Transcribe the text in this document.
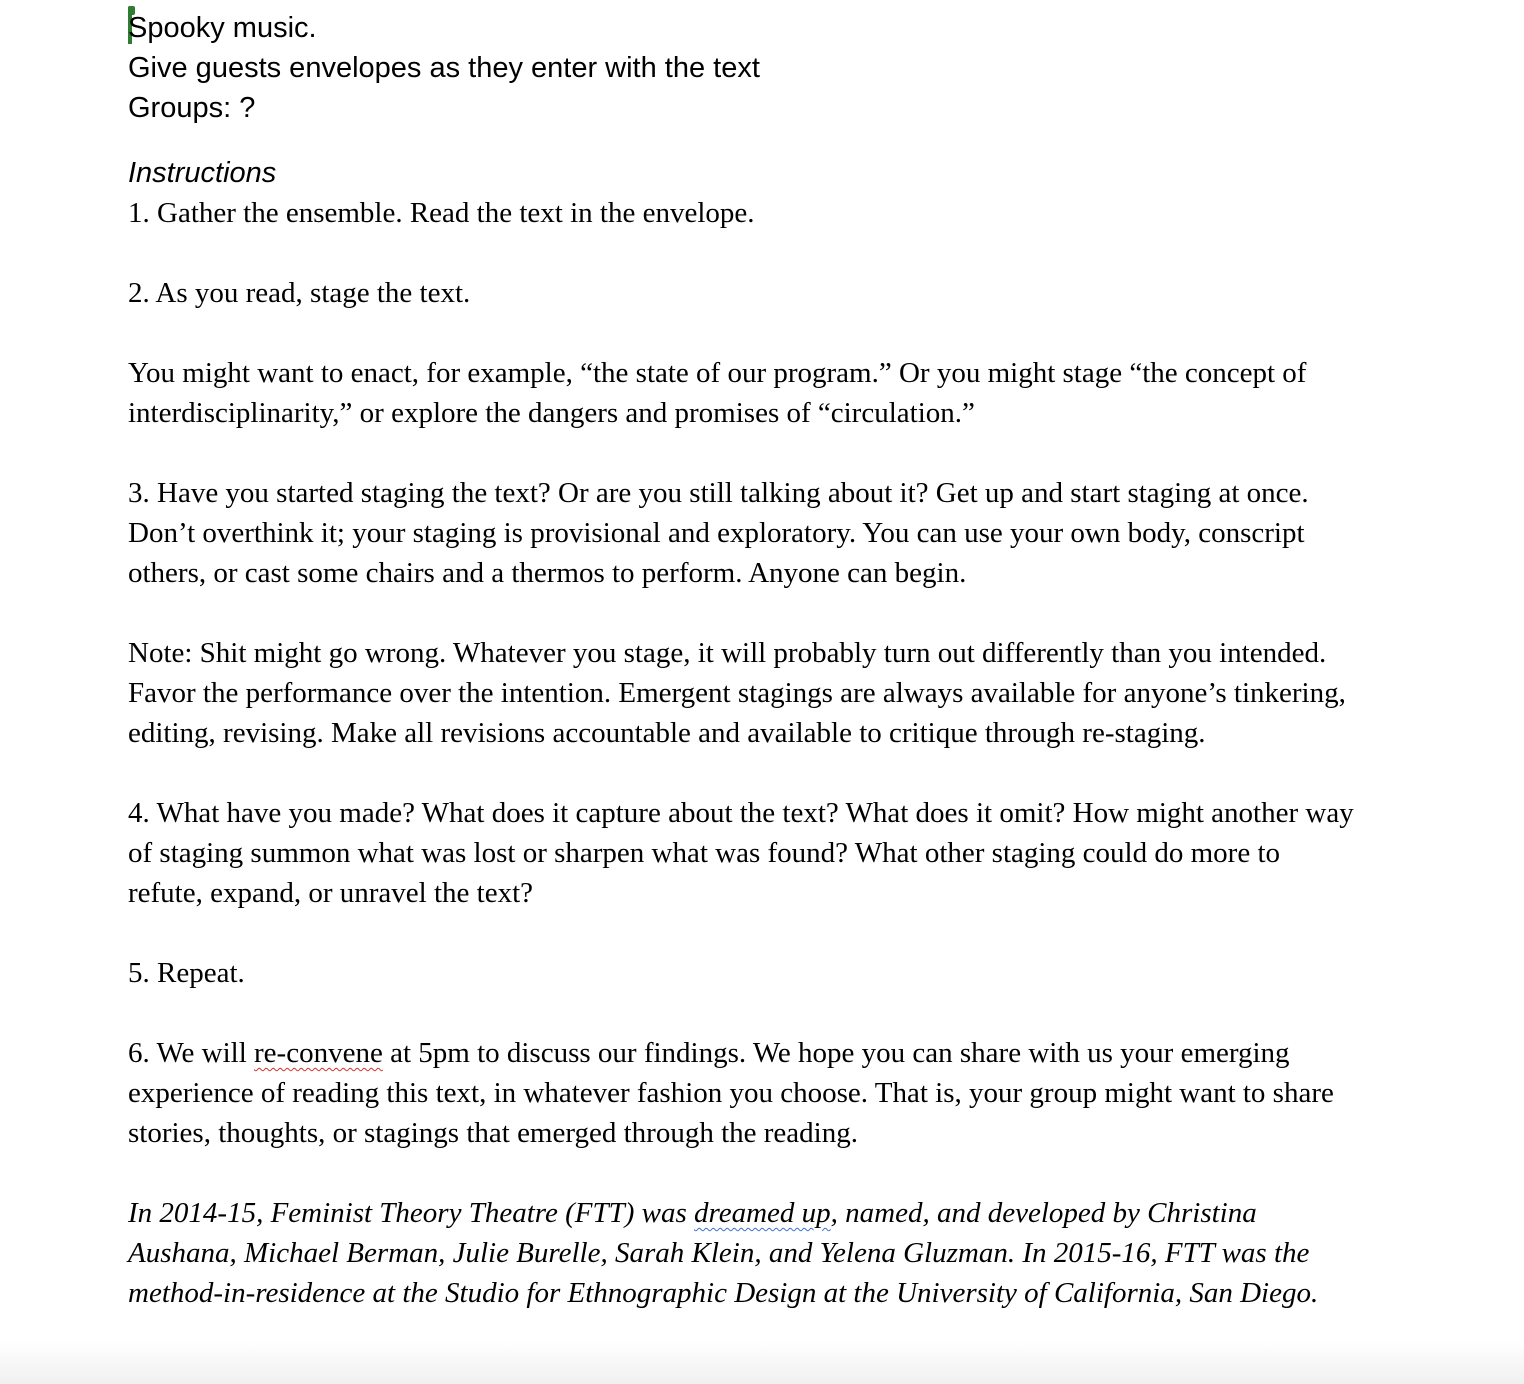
Spooky music.
Give guests envelopes as they enter with the text
Groups: ?
Instructions
1. Gather the ensemble. Read the text in the envelope.
2. As you read, stage the text.
You might want to enact, for example, “the state of our program.” Or you might stage “the concept of
interdisciplinarity,” or explore the dangers and promises of “circulation.”
3. Have you started staging the text? Or are you still talking about it? Get up and start staging at once.
Don’t overthink it; your staging is provisional and exploratory. You can use your own body, conscript
others, or cast some chairs and a thermos to perform. Anyone can begin.
Note: Shit might go wrong. Whatever you stage, it will probably turn out differently than you intended.
Favor the performance over the intention. Emergent stagings are always available for anyone’s tinkering,
editing, revising. Make all revisions accountable and available to critique through re-staging.
4. What have you made? What does it capture about the text? What does it omit? How might another way
of staging summon what was lost or sharpen what was found? What other staging could do more to
refute, expand, or unravel the text?
5. Repeat.
6. We will re-convene at 5pm to discuss our findings. We hope you can share with us your emerging
experience of reading this text, in whatever fashion you choose. That is, your group might want to share
stories, thoughts, or stagings that emerged through the reading.
In 2014-15, Feminist Theory Theatre (FTT) was dreamed up, named, and developed by Christina
Aushana, Michael Berman, Julie Burelle, Sarah Klein, and Yelena Gluzman. In 2015-16, FTT was the
method-in-residence at the Studio for Ethnographic Design at the University of California, San Diego.
